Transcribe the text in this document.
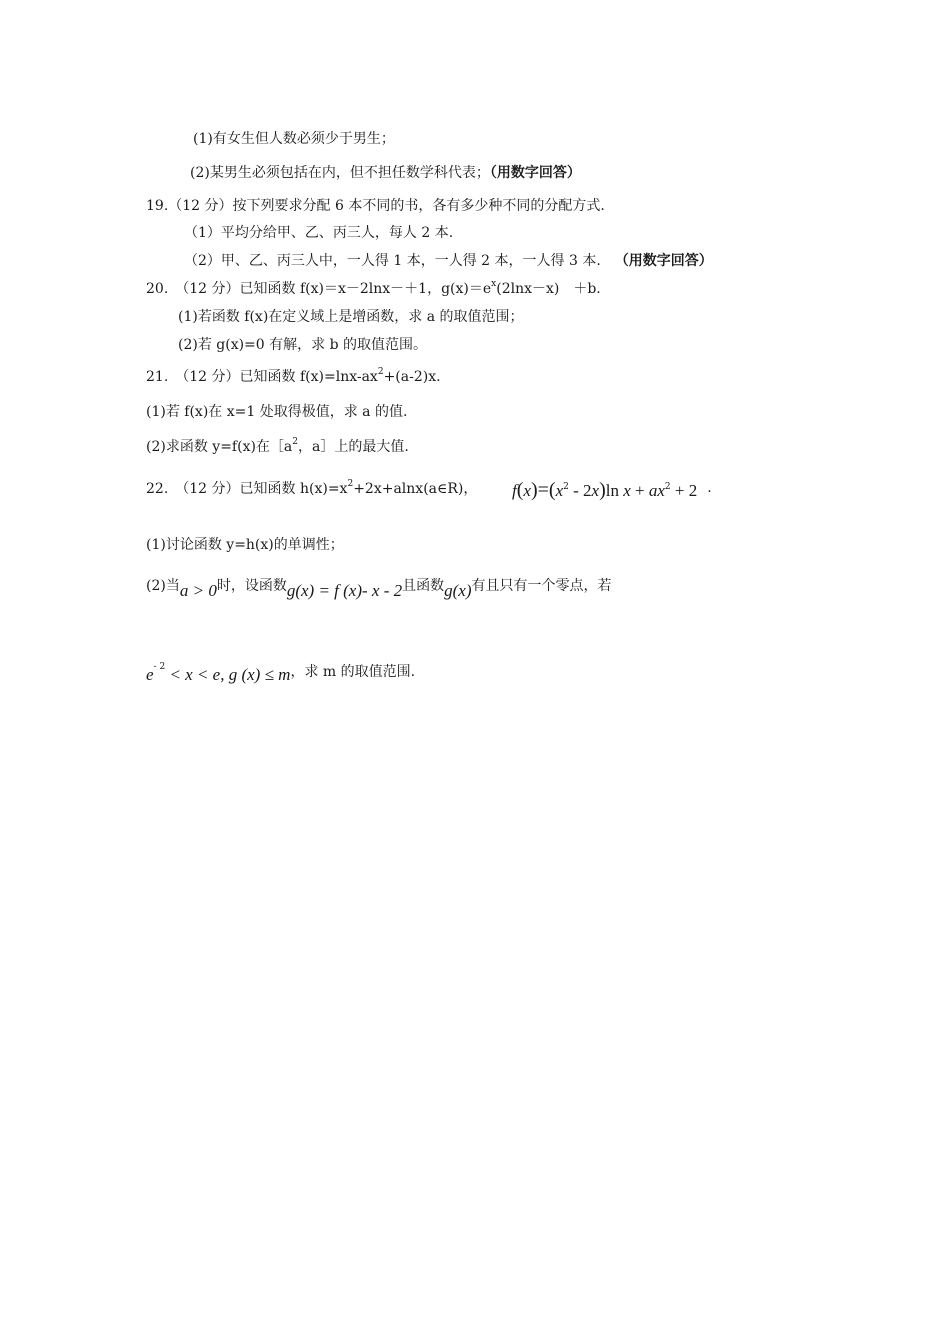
(1)有女生但人数必须少于男生；
(2)某男生必须包括在内，但不担任数学科代表；（用数字回答）
19.（12 分）按下列要求分配 6 本不同的书，各有多少种不同的分配方式.
（1）平均分给甲、乙、丙三人，每人 2 本.
（2）甲、乙、丙三人中，一人得 1 本，一人得 2 本，一人得 3 本. （用数字回答）
20.　（12 分）已知函数 f(x)＝x－2lnx－＋1，$g(x)=e^x(2\ln x-x)$　＋b.
(1)若函数 f(x)在定义域上是增函数，求 a 的取值范围；
(2)若 g(x)=0 有解，求 b 的取值范围。
21.　（12 分）已知函数 $f(x)=\ln x-ax^2+(a-2)x$.
(1)若 f(x)在 x=1 处取得极值，求 a 的值.
(2)求函数 y=f(x)在$[a^2$，a］上的最大值.
22.　（12 分）已知函数 $h(x)=x^2+2x+alnx(a\in R)$， $f(x)=(x^2 - 2x)\ln$ $x + ax^2 + 2$ ·
(1)讨论函数 y=h(x)的单调性；
(2)当a > 0时，设函数g(x) = f (x)- x - 2且函数g(x)有且只有一个零点，若
$e^{- 2} < x < e$, g (x) ≤ m，求 m 的取值范围.
